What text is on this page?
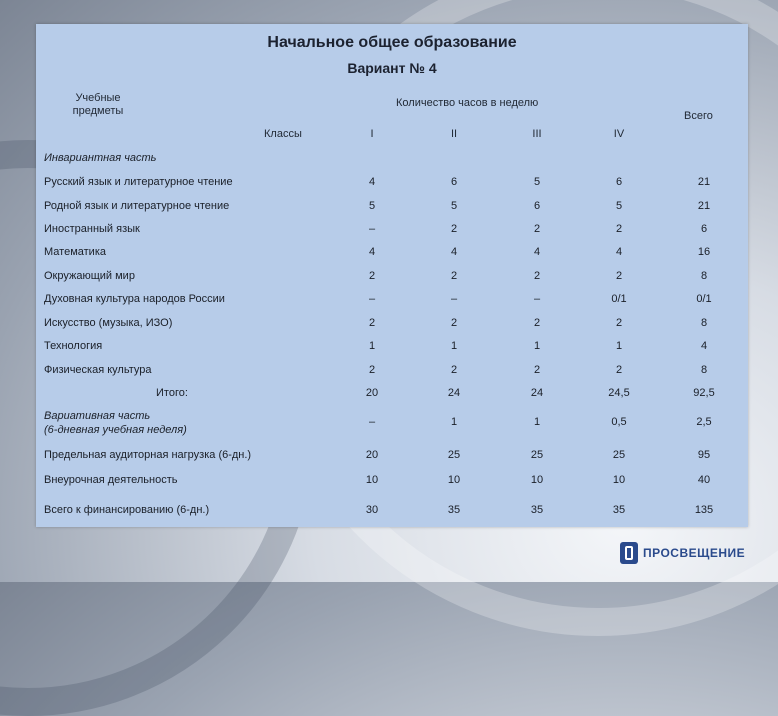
Начальное общее образование
Вариант № 4
Учебные предметы
Количество часов в неделю
Всего
Классы	I	II	III	IV
Инвариантная часть
Русский язык и литературное чтение	4	6	5	6	21
Родной язык и литературное чтение	5	5	6	5	21
Иностранный язык	–	2	2	2	6
Математика	4	4	4	4	16
Окружающий мир	2	2	2	2	8
Духовная культура народов России	–	–	–	0/1	0/1
Искусство (музыка, ИЗО)	2	2	2	2	8
Технология	1	1	1	1	4
Физическая культура	2	2	2	2	8
Итого:	20	24	24	24,5	92,5
Вариативная часть
(6-дневная учебная неделя)
–	1	1	0,5	2,5
Предельная аудиторная нагрузка (6-дн.)	20	25	25	25	95
Внеурочная деятельность	10	10	10	10	40
Всего к финансированию (6-дн.)	30	35	35	35	135
ПРОСВЕЩЕНИЕ
